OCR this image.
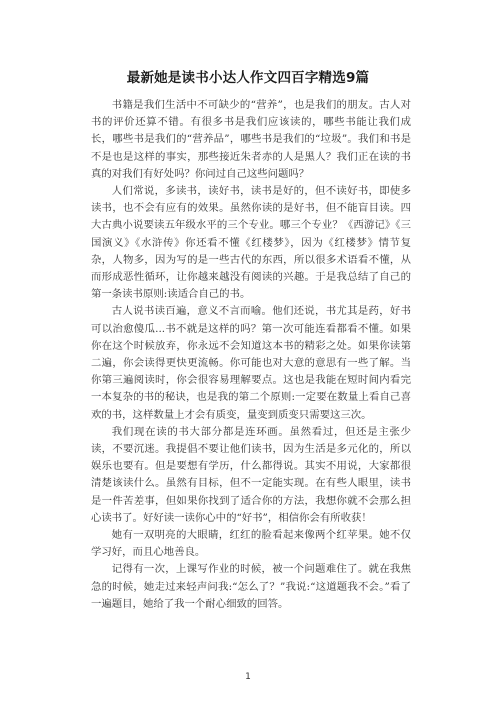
最新她是读书小达人作文四百字精选9篇

书籍是我们生活中不可缺少的“营养”，也是我们的朋友。古人对书的评价还算不错。有很多书是我们应该读的，哪些书能让我们成长，哪些书是我们的“营养品”，哪些书是我们的“垃圾”。我们和书是不是也是这样的事实，那些接近朱者赤的人是黑人？我们正在读的书真的对我们有好处吗？你问过自己这些问题吗？

人们常说，多读书，读好书，读书是好的，但不读好书，即使多读书，也不会有应有的效果。虽然你读的是好书，但不能盲目读。四大古典小说要读五年级水平的三个专业。哪三个专业？《西游记》《三国演义》《水浒传》你还看不懂《红楼梦》，因为《红楼梦》情节复杂，人物多，因为写的是一些古代的东西，所以很多术语看不懂，从而形成恶性循环，让你越来越没有阅读的兴趣。于是我总结了自己的第一条读书原则:读适合自己的书。

古人说书读百遍，意义不言而喻。他们还说，书尤其是药，好书可以治愈傻瓜...书不就是这样的吗？第一次可能连看都看不懂。如果你在这个时候放弃，你永远不会知道这本书的精彩之处。如果你读第二遍，你会读得更快更流畅。你可能也对大意的意思有一些了解。当你第三遍阅读时，你会很容易理解要点。这也是我能在短时间内看完一本复杂的书的秘诀，也是我的第二个原则:一定要在数量上看自己喜欢的书，这样数量上才会有质变，量变到质变只需要这三次。

我们现在读的书大部分都是连环画。虽然看过，但还是主张少读，不要沉迷。我提倡不要让他们读书，因为生活是多元化的，所以娱乐也要有。但是要想有学历，什么都得说。其实不用说，大家都很清楚该读什么。虽然有目标，但不一定能实现。在有些人眼里，读书是一件苦差事，但如果你找到了适合你的方法，我想你就不会那么担心读书了。好好读一读你心中的“好书”，相信你会有所收获！

她有一双明亮的大眼睛，红红的脸看起来像两个红苹果。她不仅学习好，而且心地善良。

记得有一次，上课写作业的时候，被一个问题难住了。就在我焦急的时候，她走过来轻声问我:“怎么了？”我说:“这道题我不会。”看了一遍题目，她给了我一个耐心细致的回答。

1
